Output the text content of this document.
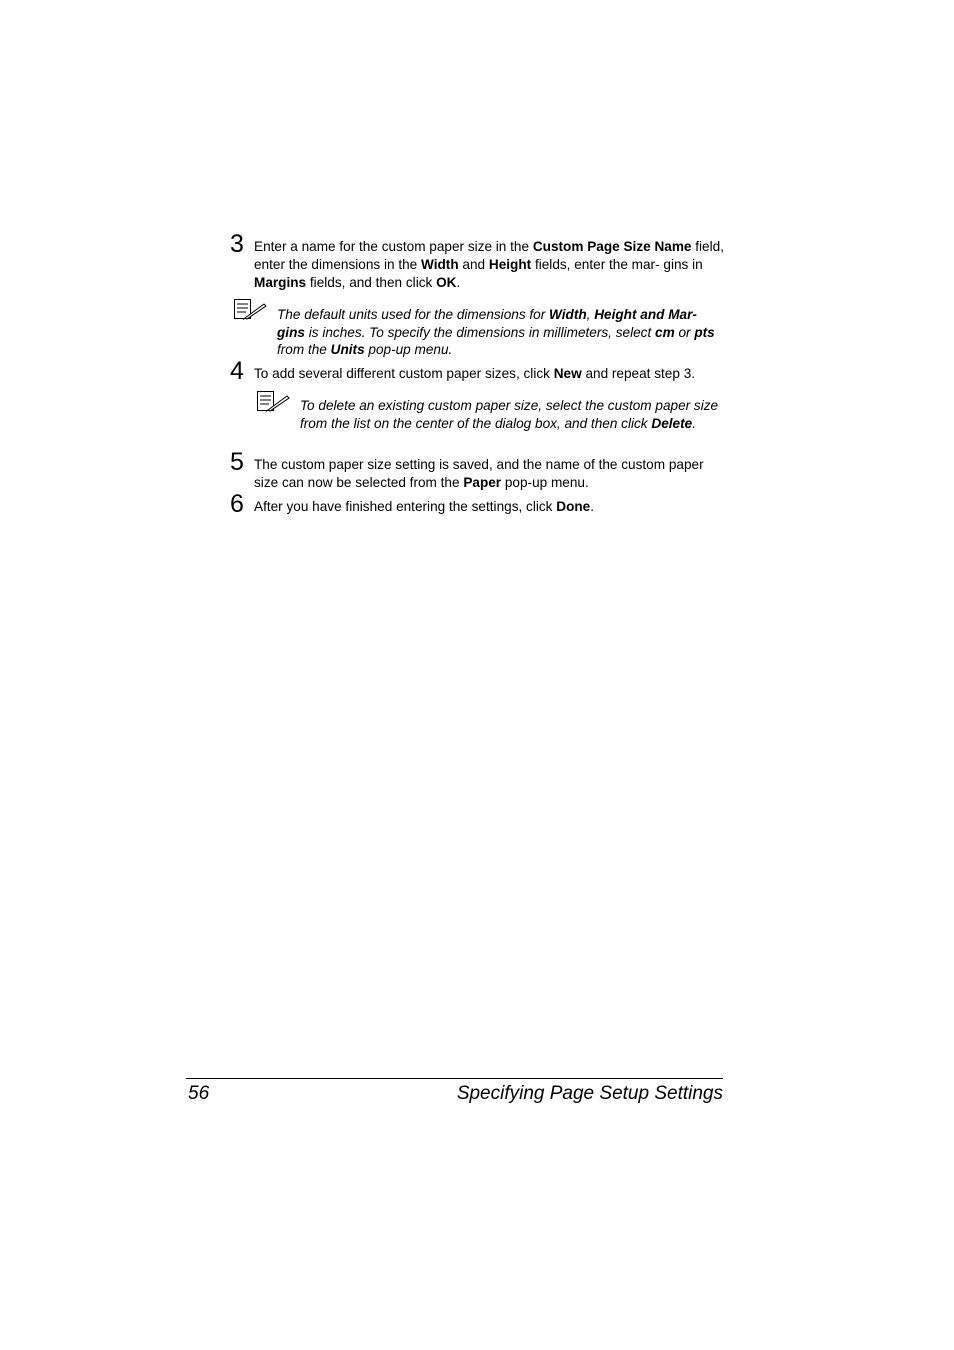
3 Enter a name for the custom paper size in the Custom Page Size Name field, enter the dimensions in the Width and Height fields, enter the mar- gins in Margins fields, and then click OK.

The default units used for the dimensions for Width, Height and Mar- gins is inches. To specify the dimensions in millimeters, select cm or pts from the Units pop-up menu.

4 To add several different custom paper sizes, click New and repeat step 3.

To delete an existing custom paper size, select the custom paper size from the list on the center of the dialog box, and then click Delete.

5 The custom paper size setting is saved, and the name of the custom paper size can now be selected from the Paper pop-up menu.

6 After you have finished entering the settings, click Done.

56	Specifying Page Setup Settings
